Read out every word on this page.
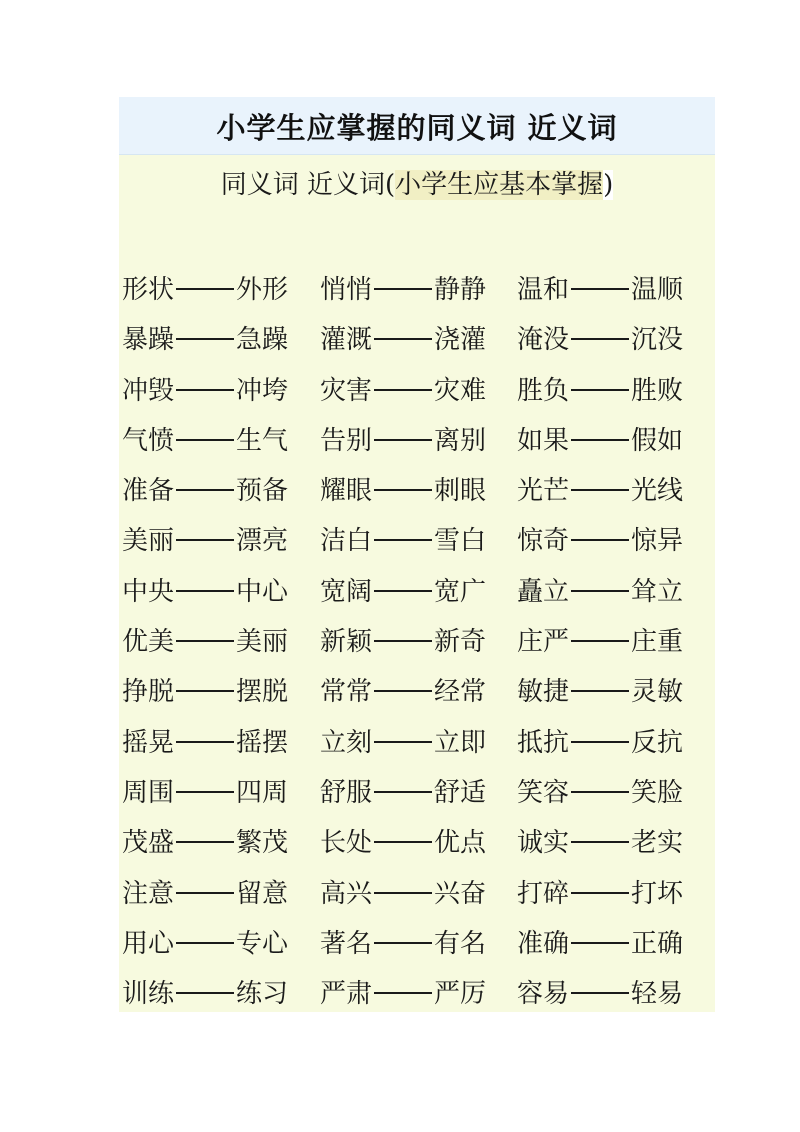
小学生应掌握的同义词 近义词
同义词 近义词(小学生应基本掌握)
形状 外形 悄悄 静静 温和 温顺
暴躁 急躁 灌溉 浇灌 淹没 沉没
冲毁 冲垮 灾害 灾难 胜负 胜败
气愤 生气 告别 离别 如果 假如
准备 预备 耀眼 刺眼 光芒 光线
美丽 漂亮 洁白 雪白 惊奇 惊异
中央 中心 宽阔 宽广 矗立 耸立
优美 美丽 新颖 新奇 庄严 庄重
挣脱 摆脱 常常 经常 敏捷 灵敏
摇晃 摇摆 立刻 立即 抵抗 反抗
周围 四周 舒服 舒适 笑容 笑脸
茂盛 繁茂 长处 优点 诚实 老实
注意 留意 高兴 兴奋 打碎 打坏
用心 专心 著名 有名 准确 正确
训练 练习 严肃 严厉 容易 轻易
